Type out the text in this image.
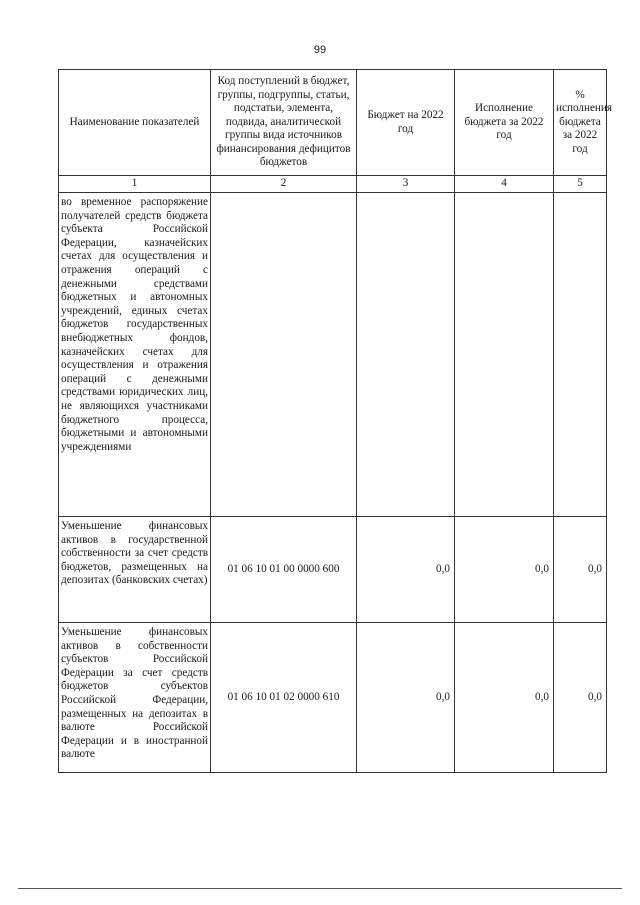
99
Наименование показателей	Код поступлений в бюджет, группы, подгруппы, статьи, подстатьи, элемента, подвида, аналитической группы вида источников финансирования дефицитов бюджетов	Бюджет на 2022 год	Исполнение бюджета за 2022 год	% исполнения бюджета за 2022 год
1	2	3	4	5
во временное распоряжение получателей средств бюджета субъекта Российской Федерации, казначейских счетах для осуществления и отражения операций с денежными средствами бюджетных и автономных учреждений, единых счетах бюджетов государственных внебюджетных фондов, казначейских счетах для осуществления и отражения операций с денежными средствами юридических лиц, не являющихся участниками бюджетного процесса, бюджетными и автономными учреждениями				
Уменьшение финансовых активов в государственной собственности за счет средств бюджетов, размещенных на депозитах (банковских счетах)	01 06 10 01 00 0000 600	0,0	0,0	0,0
Уменьшение финансовых активов в собственности субъектов Российской Федерации за счет средств бюджетов субъектов Российской Федерации, размещенных на депозитах в валюте Российской Федерации и в иностранной валюте	01 06 10 01 02 0000 610	0,0	0,0	0,0
